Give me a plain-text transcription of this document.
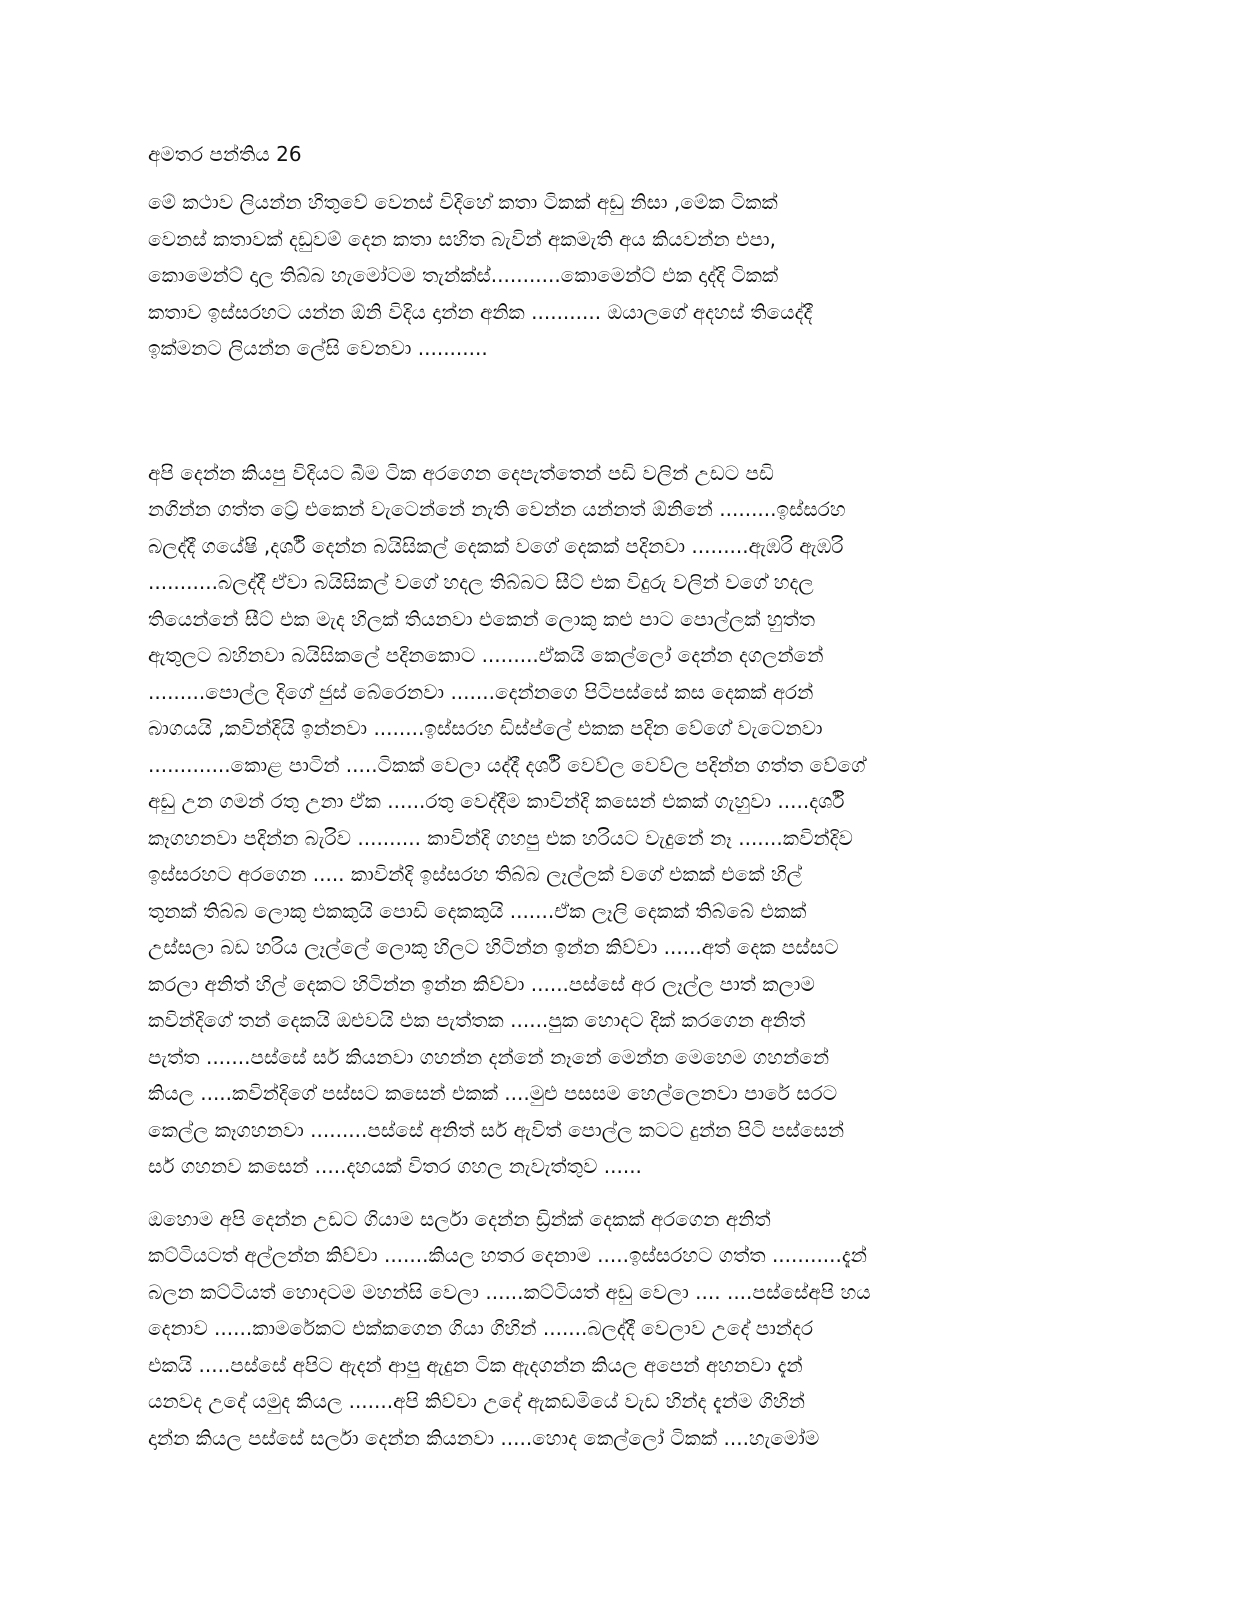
අමතර පන්තිය 26
මේ කථාව ලියන්න හිතුවේ වෙනස් විදිහේ කතා ටිකක් අඩු නිසා ,මේක ටිකක්
වෙනස් කතාවක් දඩුවම් දෙන කතා සහිත බැවින් අකමැති අය කියවන්න එපා,
කොමෙන්ට් දාල තිබ්බ හැමෝටම තැන්ක්ස්...........කොමෙන්ට් එක දාද්දි ටිකක්
කතාව ඉස්සරහට යන්න ඕනි විදිය දාන්න අනික ........... ඔයාලගේ අදහස් තියෙද්දී
ඉක්මනට ලියන්න ලේසි වෙනවා ...........
අපි දෙන්න කියපු විදියට බීම ටික අරගෙන දෙපැත්තෙන් පඩි වලින් උඩට පඩි
නගින්න ගත්ත ට්‍රේ එකෙන් වැටෙන්නේ නැති වෙන්න යන්නත් ඕනිනේ .........ඉස්සරහ
බලද්දී ගයේෂි ,දර්ශි දෙන්න බයිසිකල් දෙකක් වගේ දෙකක් පදිනවා .........ඇඹරි ඇඹරි
...........බලද්දී ඒවා බයිසිකල් වගේ හදල තිබ්බට සීට් එක විදුරු වලින් වගේ හදල
තියෙන්නේ සීට් එක මැද හිලක් තියනවා එකෙන් ලොකු කළු පාට පොල්ලක් හුත්ත
ඇතුලට බහිනවා බයිසිකලේ පදිනකොට .........ඒකයි කෙල්ලෝ දෙන්න දගලන්නේ
.........පොල්ල දිගේ ජුස් බේරෙනවා .......දෙන්නගෙ පිටිපස්සේ කස දෙකක් අරන්
බාගයයි ,කවින්දියි ඉන්නවා ........ඉස්සරහ ඩිස්ප්ලේ එකක පදින වේගේ වැටෙනවා
.............කොළ පාටින් .....ටිකක් වෙලා යද්දී දර්ශි වෙව්ල වෙව්ල පදින්න ගත්ත වේගේ
අඩු උන ගමන් රතු උනා ඒක ......රතු වෙද්දීම කාවින්දි කසෙන් එකක් ගැහුවා .....දර්ශි
කෑගහනවා පදින්න බැරිව .......... කාවින්දි ගහපු එක හරියට වැදුනේ නෑ .......කවින්දිව
ඉස්සරහට අරගෙන ..... කාවින්දි ඉස්සරහ තිබ්බ ලෑල්ලක් වගේ එකක් එකේ හිල්
තුනක් තිබ්බ ලොකු එකකුයි පොඩි දෙකකුයි .......ඒක ලෑලි දෙකක් තිබ්බේ එකක්
උස්සලා බඩ හරිය ලෑල්ලේ ලොකු හිලට හිටින්න ඉන්න කිව්වා ......අත් දෙක පස්සට
කරලා අනිත් හිල් දෙකට හිටින්න ඉන්න කිව්වා ......පස්සේ අර ලෑල්ල පාත් කලාම
කවින්දිගේ තන් දෙකයි ඔළුවයි එක පැත්තක ......පුක හොදට දික් කරගෙන අනිත්
පැත්ත .......පස්සේ සර් කියනවා ගහන්න දන්නේ නෑනේ මෙන්න මෙහෙම ගහන්නේ
කියල .....කවින්දිගේ පස්සට කසෙන් එකක් ....මුළු පසසම හෙල්ලෙනවා පාරේ සරට
කෙල්ල කෑගහනවා .........පස්සේ අනිත් සර් ඇවිත් පොල්ල කටට දුන්න පිටි පස්සෙන්
සර් ගහනව කසෙන් .....දහයක් විතර ගහල නැවැත්තුව ......
ඔහොම අපි දෙන්න උඩට ගියාම සර්ලා දෙන්න ඩ්‍රින්ක් දෙකක් අරගෙන අනිත්
කට්ටියටත් අල්ලන්න කිව්වා .......කියල හතර දෙනාම .....ඉස්සරහට ගත්ත ...........දැන්
බලන කට්ටියත් හොදටම මහන්සි වෙලා ......කට්ටියත් අඩු වෙලා .... ....පස්සේඅපි හය
දෙනාව ......කාමරේකට එක්කගෙන ගියා ගිහින් .......බලද්දී වෙලාව උදේ පාන්දර
එකයි .....පස්සේ අපිට ඇදන් ආපු ඇදුන ටික ඇදගන්න කියල අපෙන් අහනවා දැන්
යනවද උදේ යමුද කියල .......අපි කිව්වා උදේ ඇකඩමියේ වැඩ හින්ද දැන්ම ගිහින්
දාන්න කියල පස්සේ සර්ලා දෙන්න කියනවා .....හොද කෙල්ලෝ ටිකක් ....හැමෝම
